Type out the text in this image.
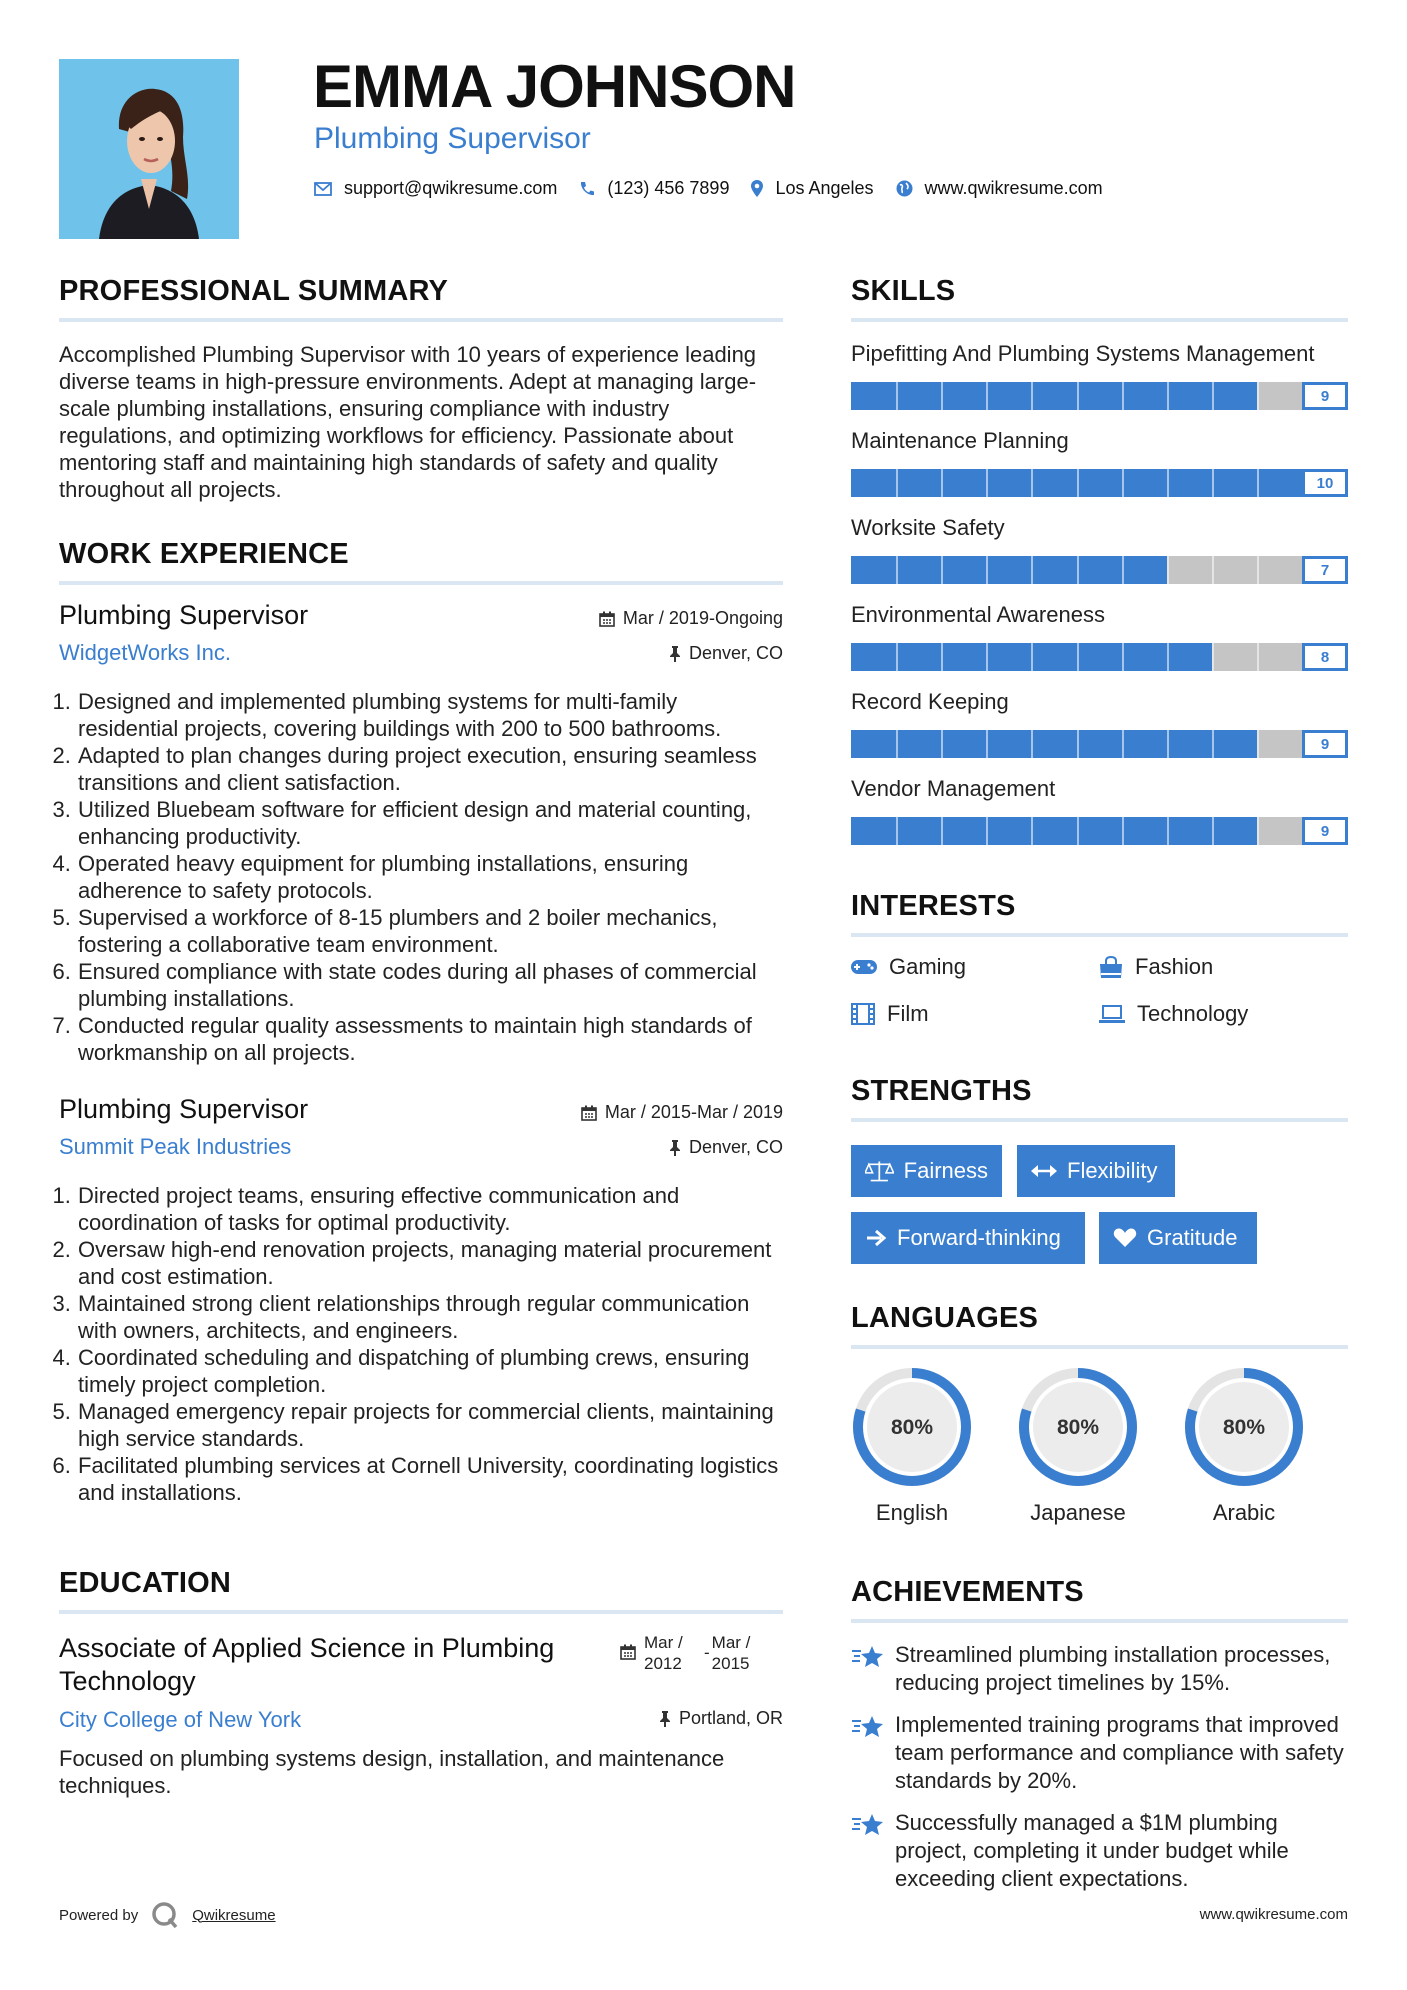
EMMA JOHNSON
Plumbing Supervisor
support@qwikresume.com	(123) 456 7899	Los Angeles	www.qwikresume.com
PROFESSIONAL SUMMARY
Accomplished Plumbing Supervisor with 10 years of experience leading diverse teams in high-pressure environments. Adept at managing large-scale plumbing installations, ensuring compliance with industry regulations, and optimizing workflows for efficiency. Passionate about mentoring staff and maintaining high standards of safety and quality throughout all projects.
WORK EXPERIENCE
Plumbing Supervisor	Mar / 2019-Ongoing
WidgetWorks Inc.	Denver, CO
1. Designed and implemented plumbing systems for multi-family residential projects, covering buildings with 200 to 500 bathrooms.
2. Adapted to plan changes during project execution, ensuring seamless transitions and client satisfaction.
3. Utilized Bluebeam software for efficient design and material counting, enhancing productivity.
4. Operated heavy equipment for plumbing installations, ensuring adherence to safety protocols.
5. Supervised a workforce of 8-15 plumbers and 2 boiler mechanics, fostering a collaborative team environment.
6. Ensured compliance with state codes during all phases of commercial plumbing installations.
7. Conducted regular quality assessments to maintain high standards of workmanship on all projects.
Plumbing Supervisor	Mar / 2015-Mar / 2019
Summit Peak Industries	Denver, CO
1. Directed project teams, ensuring effective communication and coordination of tasks for optimal productivity.
2. Oversaw high-end renovation projects, managing material procurement and cost estimation.
3. Maintained strong client relationships through regular communication with owners, architects, and engineers.
4. Coordinated scheduling and dispatching of plumbing crews, ensuring timely project completion.
5. Managed emergency repair projects for commercial clients, maintaining high service standards.
6. Facilitated plumbing services at Cornell University, coordinating logistics and installations.
EDUCATION
Associate of Applied Science in Plumbing Technology
Mar / 2012
-
Mar / 2015
City College of New York	Portland, OR
Focused on plumbing systems design, installation, and maintenance techniques.
Powered by	Qwikresume
SKILLS
Pipefitting And Plumbing Systems Management
9
Maintenance Planning
10
Worksite Safety
7
Environmental Awareness
8
Record Keeping
9
Vendor Management
9
INTERESTS
Gaming	Fashion
Film	Technology
STRENGTHS
Fairness	Flexibility
Forward-thinking	Gratitude
LANGUAGES
80%
English
80%
Japanese
80%
Arabic
ACHIEVEMENTS
Streamlined plumbing installation processes, reducing project timelines by 15%.
Implemented training programs that improved team performance and compliance with safety standards by 20%.
Successfully managed a $1M plumbing project, completing it under budget while exceeding client expectations.
www.qwikresume.com
